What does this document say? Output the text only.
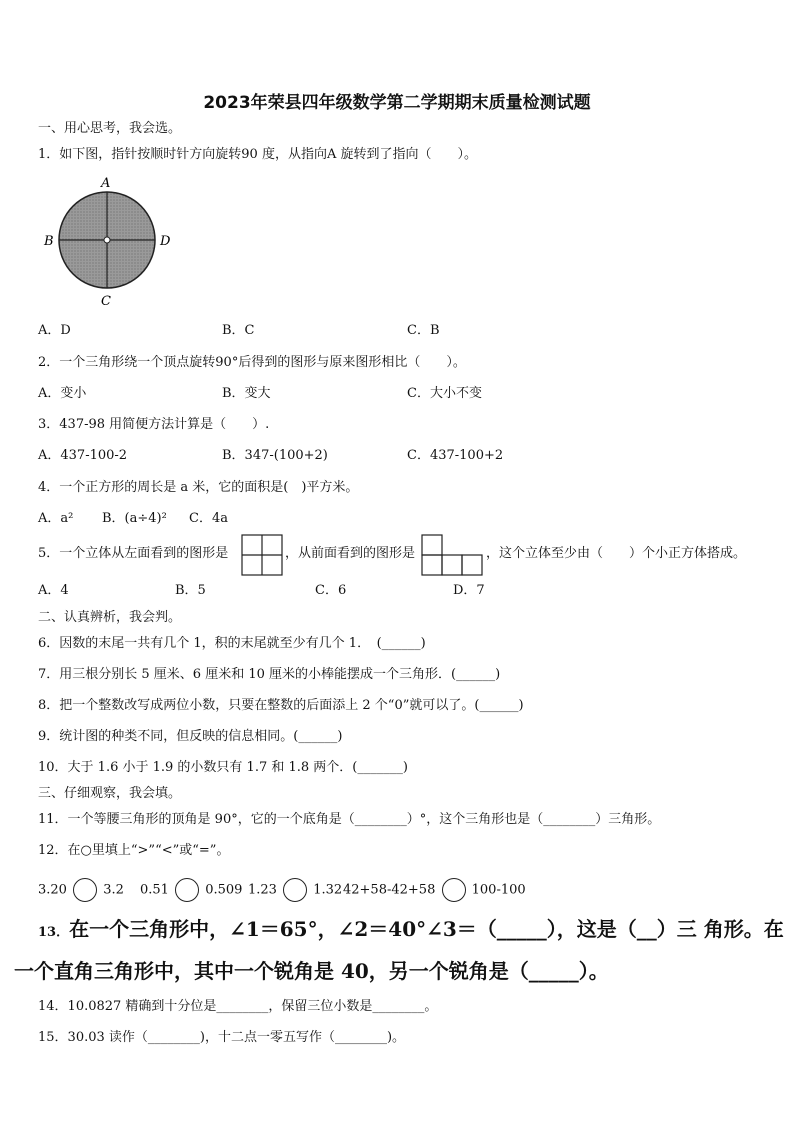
2023年荣县四年级数学第二学期期末质量检测试题
一、用心思考，我会选。
1．如下图，指针按顺时针方向旋转90 度，从指向A 旋转到了指向（　　）。
A
B	D
C
A．D	B．C	C．B
2．一个三角形绕一个顶点旋转90°后得到的图形与原来图形相比（　　）。
A．变小	B．变大	C．大小不变
3．437-98 用简便方法计算是（　　）.
A．437-100-2	B．347-(100+2)	C．437-100+2
4．一个正方形的周长是 a 米，它的面积是(　)平方米。
A．a² B．(a÷4)² C．4a
5．一个立体从左面看到的图形是	，从前面看到的图形是	，这个立体至少由（　　）个小正方体搭成。
A．4	B．5	C．6	D．7
二、认真辨析，我会判。
6．因数的末尾一共有几个 1，积的末尾就至少有几个 1．　(______)
7．用三根分别长 5 厘米、6 厘米和 10 厘米的小棒能摆成一个三角形．(______)
8．把一个整数改写成两位小数，只要在整数的后面添上 2 个“0”就可以了。(______)
9．统计图的种类不同，但反映的信息相同。(______)
10．大于 1.6 小于 1.9 的小数只有 1.7 和 1.8 两个．(_______)
三、仔细观察，我会填。
11．一个等腰三角形的顶角是 90°，它的一个底角是（________）°，这个三角形也是（________）三角形。
12．在○里填上“>”“<”或“=”。
3.20	3.2 0.51	0.509 1.23	1.32 42+58-42+58	100-100
13．在一个三角形中，∠1＝65°，∠2＝40°∠3＝（_____），这是（__）三 角形。在
一个直角三角形中，其中一个锐角是 40，另一个锐角是（_____）。
14．10.0827 精确到十分位是________，保留三位小数是________。
15．30.03 读作（________)，十二点一零五写作（________)。
